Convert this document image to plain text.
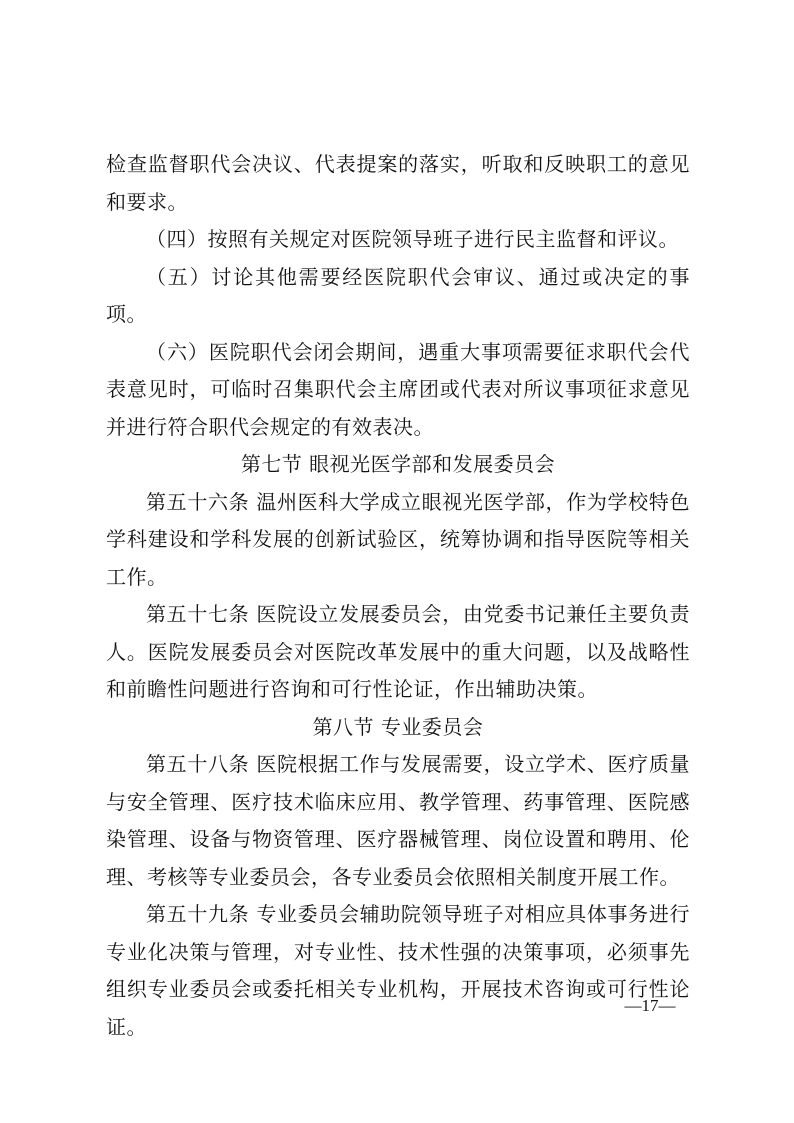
检查监督职代会决议、代表提案的落实，听取和反映职工的意见和要求。

（四）按照有关规定对医院领导班子进行民主监督和评议。

（五）讨论其他需要经医院职代会审议、通过或决定的事项。

（六）医院职代会闭会期间，遇重大事项需要征求职代会代表意见时，可临时召集职代会主席团或代表对所议事项征求意见并进行符合职代会规定的有效表决。

第七节 眼视光医学部和发展委员会

第五十六条 温州医科大学成立眼视光医学部，作为学校特色学科建设和学科发展的创新试验区，统筹协调和指导医院等相关工作。

第五十七条 医院设立发展委员会，由党委书记兼任主要负责人。医院发展委员会对医院改革发展中的重大问题，以及战略性和前瞻性问题进行咨询和可行性论证，作出辅助决策。

第八节 专业委员会

第五十八条 医院根据工作与发展需要，设立学术、医疗质量与安全管理、医疗技术临床应用、教学管理、药事管理、医院感染管理、设备与物资管理、医疗器械管理、岗位设置和聘用、伦理、考核等专业委员会，各专业委员会依照相关制度开展工作。

第五十九条 专业委员会辅助院领导班子对相应具体事务进行专业化决策与管理，对专业性、技术性强的决策事项，必须事先组织专业委员会或委托相关专业机构，开展技术咨询或可行性论证。

—17—
